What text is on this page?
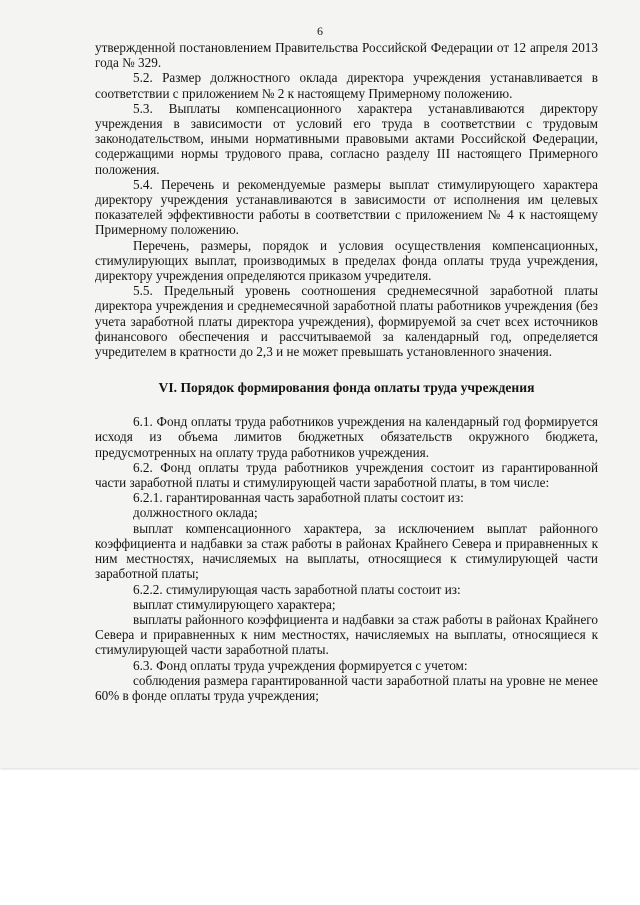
6

утвержденной постановлением Правительства Российской Федерации от 12 апреля 2013 года № 329.

5.2. Размер должностного оклада директора учреждения устанавливается в соответствии с приложением № 2 к настоящему Примерному положению.

5.3. Выплаты компенсационного характера устанавливаются директору учреждения в зависимости от условий его труда в соответствии с трудовым законодательством, иными нормативными правовыми актами Российской Федерации, содержащими нормы трудового права, согласно разделу III настоящего Примерного положения.

5.4. Перечень и рекомендуемые размеры выплат стимулирующего характера директору учреждения устанавливаются в зависимости от исполнения им целевых показателей эффективности работы в соответствии с приложением № 4 к настоящему Примерному положению.

Перечень, размеры, порядок и условия осуществления компенсационных, стимулирующих выплат, производимых в пределах фонда оплаты труда учреждения, директору учреждения определяются приказом учредителя.

5.5. Предельный уровень соотношения среднемесячной заработной платы директора учреждения и среднемесячной заработной платы работников учреждения (без учета заработной платы директора учреждения), формируемой за счет всех источников финансового обеспечения и рассчитываемой за календарный год, определяется учредителем в кратности до 2,3 и не может превышать установленного значения.

VI. Порядок формирования фонда оплаты труда учреждения

6.1. Фонд оплаты труда работников учреждения на календарный год формируется исходя из объема лимитов бюджетных обязательств окружного бюджета, предусмотренных на оплату труда работников учреждения.

6.2. Фонд оплаты труда работников учреждения состоит из гарантированной части заработной платы и стимулирующей части заработной платы, в том числе:

6.2.1. гарантированная часть заработной платы состоит из:

должностного оклада;

выплат компенсационного характера, за исключением выплат районного коэффициента и надбавки за стаж работы в районах Крайнего Севера и приравненных к ним местностях, начисляемых на выплаты, относящиеся к стимулирующей части заработной платы;

6.2.2. стимулирующая часть заработной платы состоит из:

выплат стимулирующего характера;

выплаты районного коэффициента и надбавки за стаж работы в районах Крайнего Севера и приравненных к ним местностях, начисляемых на выплаты, относящиеся к стимулирующей части заработной платы.

6.3. Фонд оплаты труда учреждения формируется с учетом:

соблюдения размера гарантированной части заработной платы на уровне не менее 60% в фонде оплаты труда учреждения;
